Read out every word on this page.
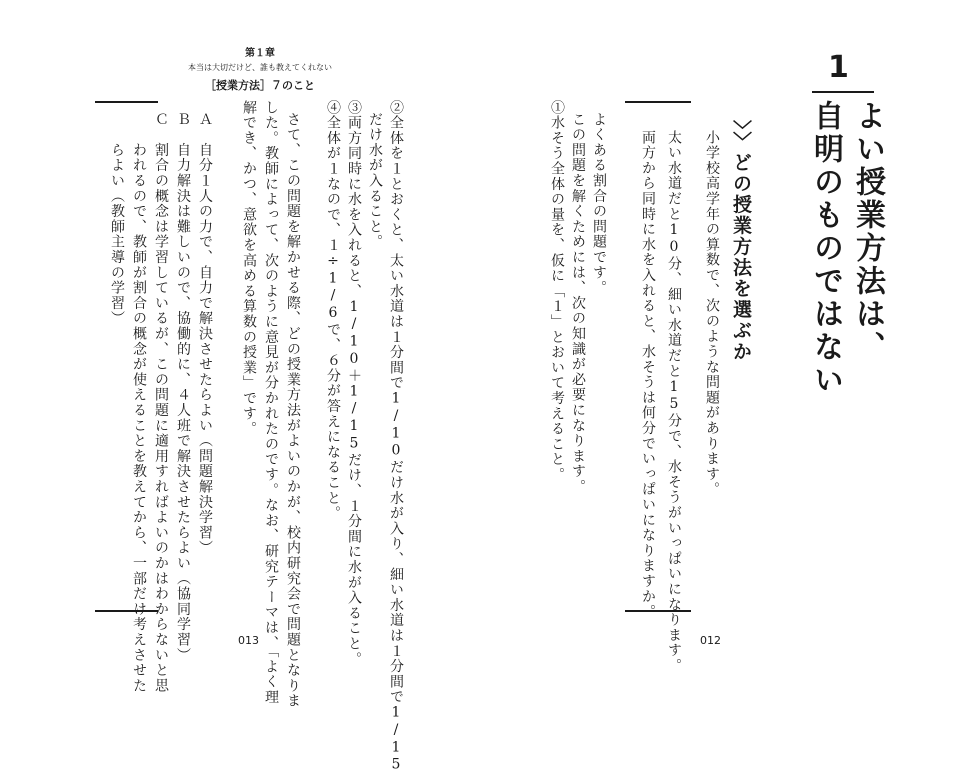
第１章
本当は大切だけど、誰も教えてくれない
［授業方法］７のこと
1

よい授業方法は、
自明のものではない

〉〉どの授業方法を選ぶか

小学校高学年の算数で、次のような問題があります。

太い水道だと10分、細い水道だと15分で、水そうがいっぱいになります。

両方から同時に水を入れると、水そうは何分でいっぱいになりますか。

よくある割合の問題です。

この問題を解くためには、次の知識が必要になります。

①水そう全体の量を、仮に「１」とおいて考えること。

②全体を１とおくと、太い水道は１分間で1/10だけ水が入り、細い水道は１分間で1/15

だけ水が入ること。

③両方同時に水を入れると、1/10＋1/15だけ、１分間に水が入ること。

④全体が１なので、１÷1/6で、６分が答えになること。

さて、この問題を解かせる際、どの授業方法がよいのかが、校内研究会で問題となりま

した。教師によって、次のように意見が分かれたのです。なお、研究テーマは、「よく理

解でき、かつ、意欲を高める算数の授業」です。

Ａ　自分１人の力で、自力で解決させたらよい（問題解決学習）

Ｂ　自力解決は難しいので、協働的に、４人班で解決させたらよい（協同学習）

Ｃ　割合の概念は学習しているが、この問題に適用すればよいのかはわからないと思

　　われるので、教師が割合の概念が使えることを教えてから、一部だけ考えさせた

　　らよい（教師主導の学習）

013	012
